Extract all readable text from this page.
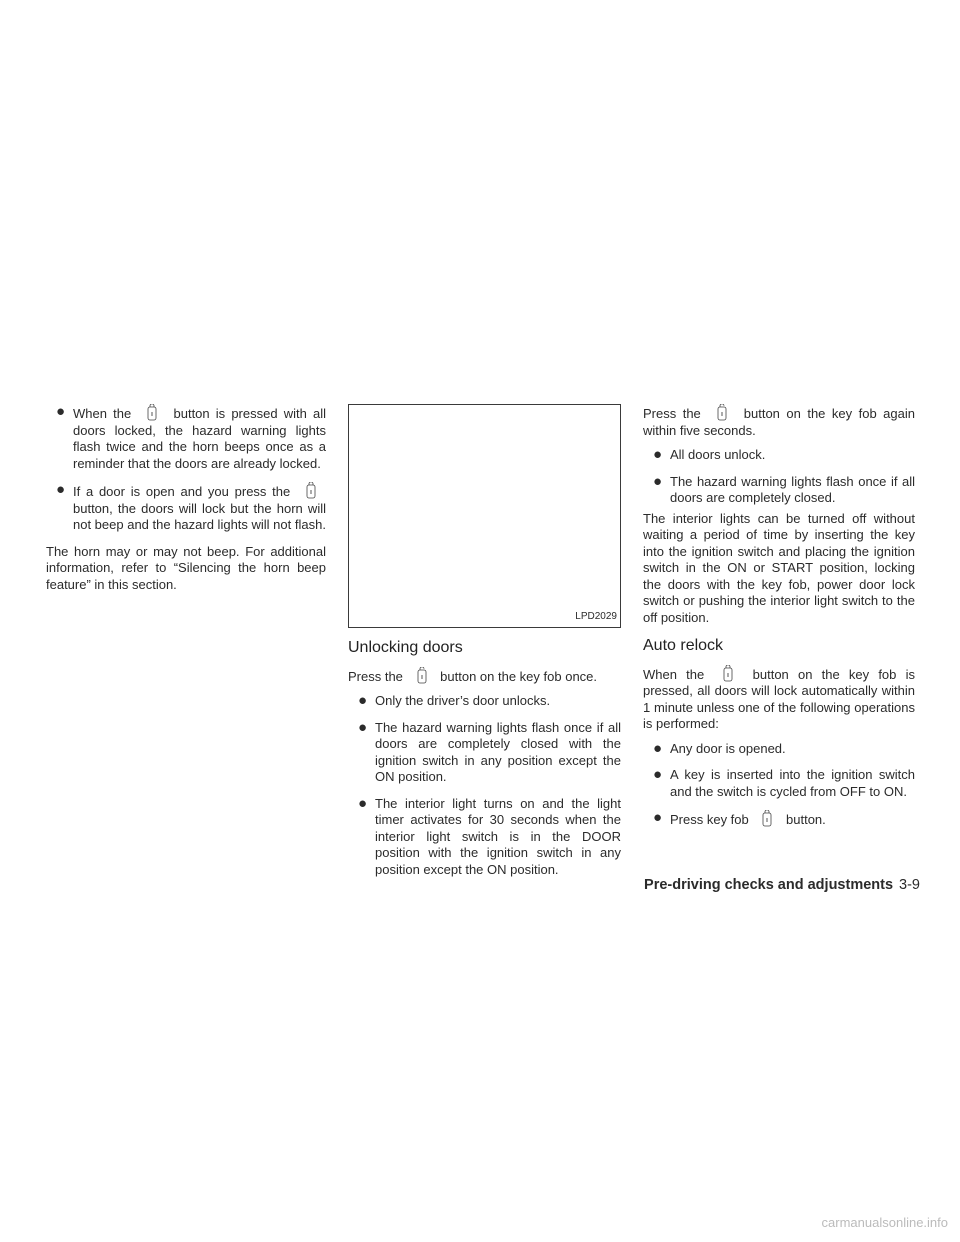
● When the	button is pressed with all doors locked, the hazard warning lights flash twice and the horn beeps once as a reminder that the doors are already locked.
● If a door is open and you press the  button, the doors will lock but the horn will not beep and the hazard lights will not flash.

The horn may or may not beep. For additional information, refer to “Silencing the horn beep feature” in this section.

LPD2029
Unlocking doors

Press the	button on the key fob once.

● Only the driver’s door unlocks.
● The hazard warning lights flash once if all doors are completely closed with the ignition switch in any position except the ON position.
● The interior light turns on and the light timer activates for 30 seconds when the interior light switch is in the DOOR position with the ignition switch in any position except the ON position.

Press the	button on the key fob again within five seconds.

● All doors unlock.
● The hazard warning lights flash once if all doors are completely closed.

The interior lights can be turned off without waiting a period of time by inserting the key into the ignition switch and placing the ignition switch in the ON or START position, locking the doors with the key fob, power door lock switch or pushing the interior light switch to the off position.

Auto relock

When the	button on the key fob is pressed, all doors will lock automatically within 1 minute unless one of the following operations is performed:

● Any door is opened.
● A key is inserted into the ignition switch and the switch is cycled from OFF to ON.
● Press key fob	button.
Pre-driving checks and adjustments 3-9
carmanualsonline.info
